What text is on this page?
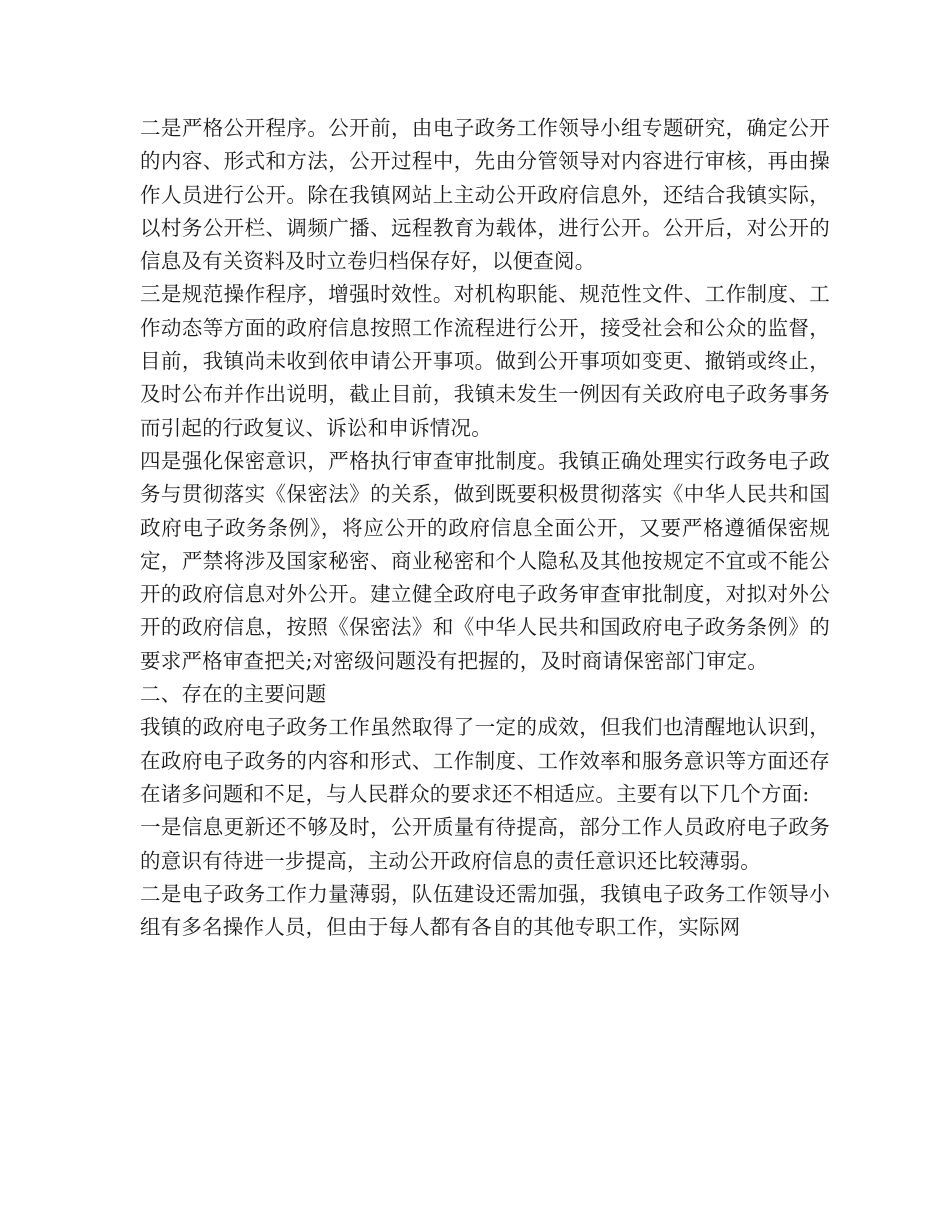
二是严格公开程序。公开前，由电子政务工作领导小组专题研究，确定公开的内容、形式和方法，公开过程中，先由分管领导对内容进行审核，再由操作人员进行公开。除在我镇网站上主动公开政府信息外，还结合我镇实际，以村务公开栏、调频广播、远程教育为载体，进行公开。公开后，对公开的信息及有关资料及时立卷归档保存好，以便查阅。

三是规范操作程序，增强时效性。对机构职能、规范性文件、工作制度、工作动态等方面的政府信息按照工作流程进行公开，接受社会和公众的监督，目前，我镇尚未收到依申请公开事项。做到公开事项如变更、撤销或终止，及时公布并作出说明，截止目前，我镇未发生一例因有关政府电子政务事务而引起的行政复议、诉讼和申诉情况。

四是强化保密意识，严格执行审查审批制度。我镇正确处理实行政务电子政务与贯彻落实《保密法》的关系，做到既要积极贯彻落实《中华人民共和国政府电子政务条例》，将应公开的政府信息全面公开，又要严格遵循保密规定，严禁将涉及国家秘密、商业秘密和个人隐私及其他按规定不宜或不能公开的政府信息对外公开。建立健全政府电子政务审查审批制度，对拟对外公开的政府信息，按照《保密法》和《中华人民共和国政府电子政务条例》的要求严格审查把关;对密级问题没有把握的，及时商请保密部门审定。

二、存在的主要问题

我镇的政府电子政务工作虽然取得了一定的成效，但我们也清醒地认识到，在政府电子政务的内容和形式、工作制度、工作效率和服务意识等方面还存在诸多问题和不足，与人民群众的要求还不相适应。主要有以下几个方面:

一是信息更新还不够及时，公开质量有待提高，部分工作人员政府电子政务的意识有待进一步提高，主动公开政府信息的责任意识还比较薄弱。

二是电子政务工作力量薄弱，队伍建设还需加强，我镇电子政务工作领导小组有多名操作人员，但由于每人都有各自的其他专职工作，实际网
